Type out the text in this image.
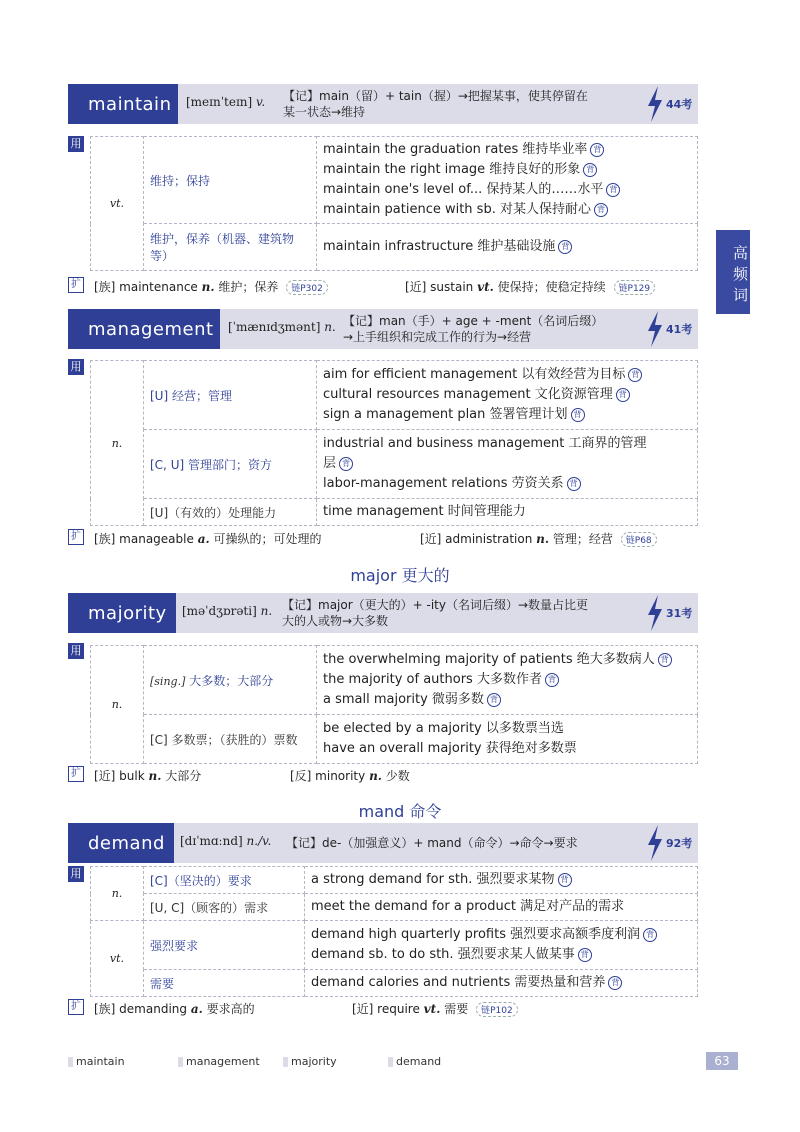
高频词
maintain [meɪnˈteɪn] v. 【记】main（留）+ tain（握）→把握某事，使其停留在
某一状态→维持
44考
用
vt.	维持；保持	maintain the graduation rates 维持毕业率 背
maintain the right image 维持良好的形象 背
maintain one's level of... 保持某人的……水平 背
maintain patience with sb. 对某人保持耐心 背

	维护，保养（机器、建筑物等）	maintain infrastructure 维护基础设施 背
扩 [族] maintenance n. 维护；保养 链P302	[近] sustain vt. 使保持；使稳定持续 链P129
management [ˈmænɪdʒmənt] n. 【记】man（手）+ age + -ment（名词后缀）
→上手组织和完成工作的行为→经营
41考
用
n.	[U] 经营；管理	aim for efficient management 以有效经营为目标 背
cultural resources management 文化资源管理 背
sign a management plan 签署管理计划 背

	[C, U] 管理部门；资方	industrial and business management 工商界的管理
层 背
labor-management relations 劳资关系 背

	[U]（有效的）处理能力	time management 时间管理能力
扩 [族] manageable a. 可操纵的；可处理的	[近] administration n. 管理；经营 链P68
major 更大的
majority [məˈdʒɒrəti] n. 【记】major（更大的）+ -ity（名词后缀）→数量占比更
大的人或物→大多数
31考
用
n.	[sing.] 大多数；大部分	the overwhelming majority of patients 绝大多数病人 背
the majority of authors 大多数作者 背
a small majority 微弱多数 背

	[C] 多数票；（获胜的）票数	be elected by a majority 以多数票当选
have an overall majority 获得绝对多数票
扩 [近] bulk n. 大部分	[反] minority n. 少数
mand 命令
demand [dɪˈmɑːnd] n./v. 【记】de-（加强意义）+ mand（命令）→命令→要求	92考
用
n.	[C]（坚决的）要求	a strong demand for sth. 强烈要求某物 背

	[U, C]（顾客的）需求	meet the demand for a product 满足对产品的需求

vt.	强烈要求	demand high quarterly profits 强烈要求高额季度利润 背
demand sb. to do sth. 强烈要求某人做某事 背

	需要	demand calories and nutrients 需要热量和营养 背
扩 [族] demanding a. 要求高的	[近] require vt. 需要 链P102
maintain	management	majority	demand	63
